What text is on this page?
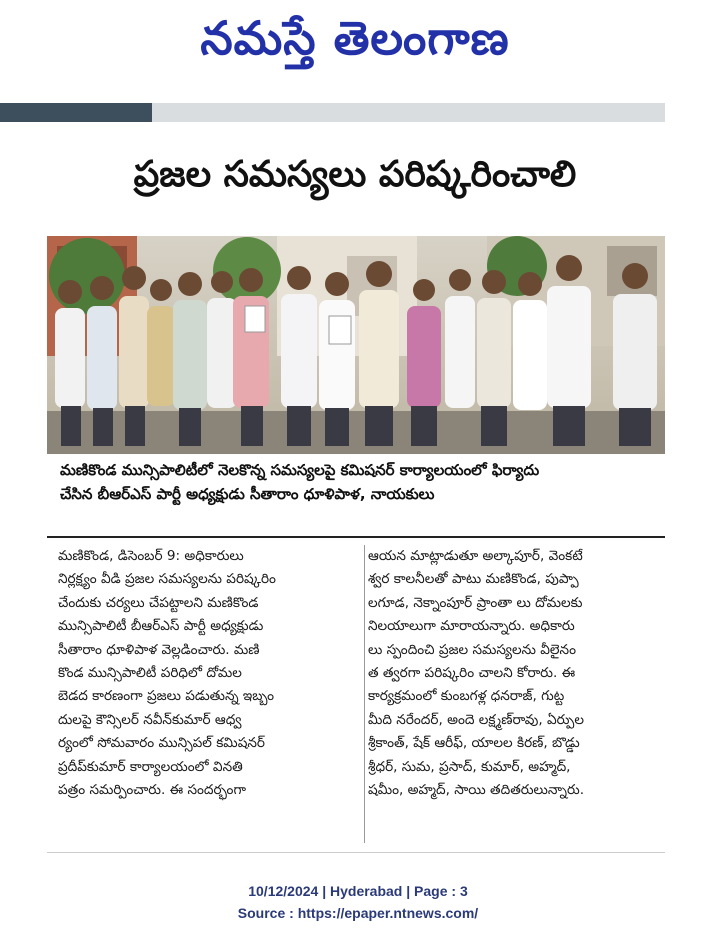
నమస్తే తెలంగాణ
ప్రజల సమస్యలు పరిష్కరించాలి
మణికొండ మున్సిపాలిటీలో నెలకొన్న సమస్యలపై కమిషనర్ కార్యాలయంలో ఫిర్యాదు
చేసిన బీఆర్ఎస్ పార్టీ అధ్యక్షుడు సీతారాం ధూళిపాళ, నాయకులు
మణికొండ, డిసెంబర్ 9: అధికారులు
నిర్లక్ష్యం వీడి ప్రజల సమస్యలను పరిష్కరిం
చేందుకు చర్యలు చేపట్టాలని మణికొండ
మున్సిపాలిటీ బీఆర్ఎస్ పార్టీ అధ్యక్షుడు
సీతారాం ధూళిపాళ వెల్లడించారు. మణి
కొండ మున్సిపాలిటీ పరిధిలో దోమల
బెడద కారణంగా ప్రజలు పడుతున్న ఇబ్బం
దులపై కౌన్సిలర్ నవీన్‌కుమార్ ఆధ్వ
ర్యంలో సోమవారం మున్సిపల్ కమిషనర్
ప్రదీప్‌కుమార్ కార్యాలయంలో వినతి
పత్రం సమర్పించారు. ఈ సందర్భంగా
ఆయన మాట్లాడుతూ అల్కాపూర్, వెంకటే
శ్వర కాలనీలతో పాటు మణికొండ, పుప్పా
లగూడ, నెక్నాంపూర్ ప్రాంతా లు దోమలకు
నిలయాలుగా మారాయన్నారు. అధికారు
లు స్పందించి ప్రజల సమస్యలను వీలైనం
త త్వరగా పరిష్కరిం చాలని కోరారు. ఈ
కార్యక్రమంలో కుంబగళ్ల ధనరాజ్, గుట్ట
మీది నరేందర్, అందె లక్ష్మణ్‌రావు, ఏర్పుల
శ్రీకాంత్, షేక్ ఆరీఫ్, యాలల కిరణ్, బొడ్డు
శ్రీధర్, సుమ, ప్రసాద్, కుమార్, అహ్మద్,
షమీం, అహ్మద్, సాయి తదితరులున్నారు.
10/12/2024 | Hyderabad | Page : 3
Source : https://epaper.ntnews.com/
